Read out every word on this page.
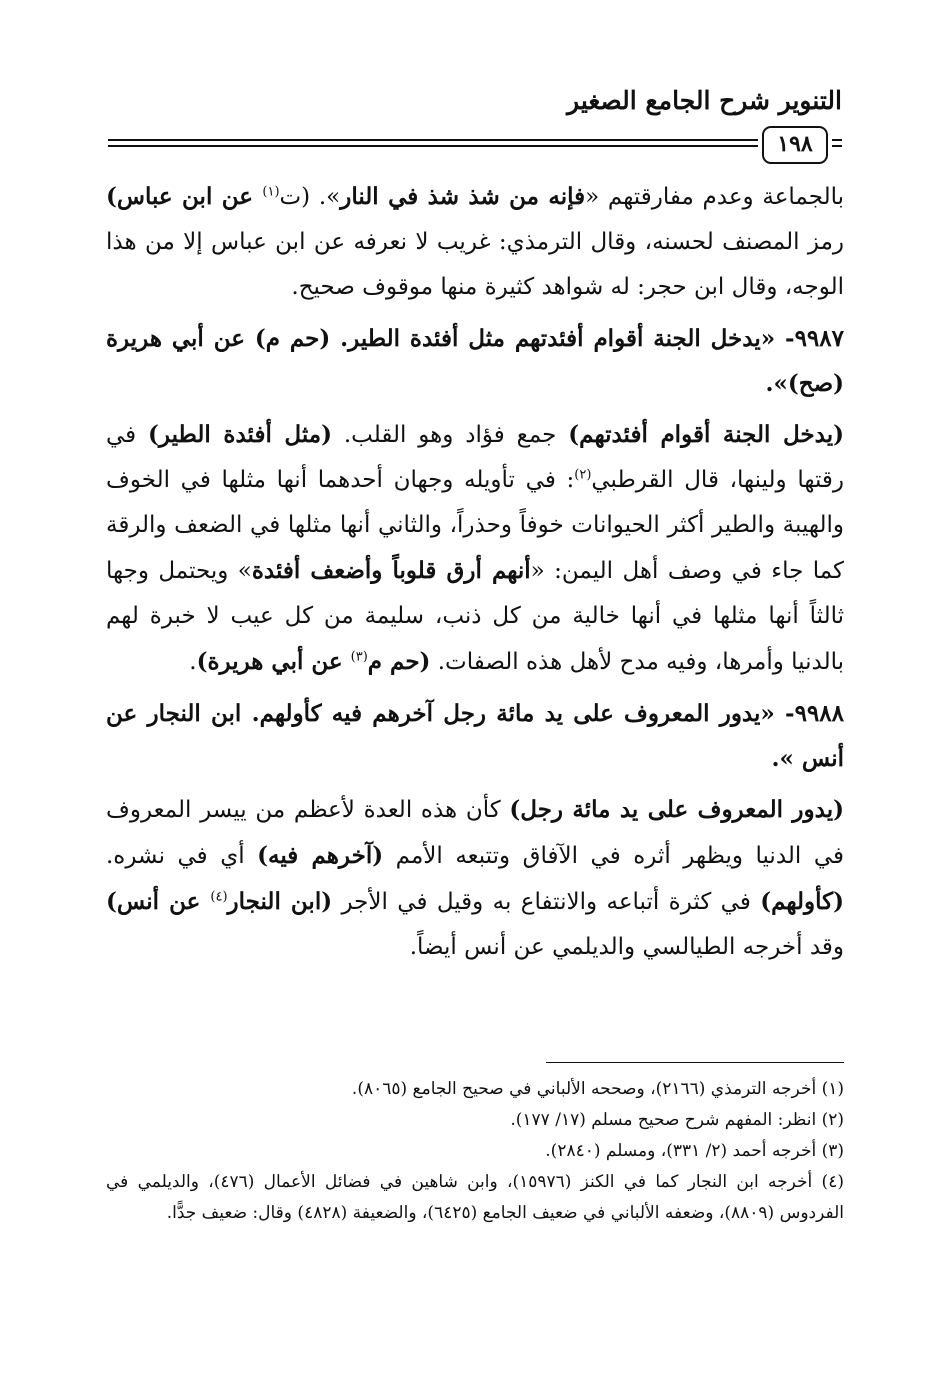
التنوير شرح الجامع الصغير
١٩٨

بالجماعة وعدم مفارقتهم «فإنه من شذ شذ في النار». (ت$^{(١)}$ عن ابن عباس) رمز المصنف لحسنه، وقال الترمذي: غريب لا نعرفه عن ابن عباس إلا من هذا الوجه، وقال ابن حجر: له شواهد كثيرة منها موقوف صحيح.

٩٩٨٧- «يدخل الجنة أقوام أفئدتهم مثل أفئدة الطير. (حم م) عن أبي هريرة (صح)».

(يدخل الجنة أقوام أفئدتهم) جمع فؤاد وهو القلب. (مثل أفئدة الطير) في رقتها ولينها، قال القرطبي$^{(٢)}$: في تأويله وجهان أحدهما أنها مثلها في الخوف والهيبة والطير أكثر الحيوانات خوفاً وحذراً، والثاني أنها مثلها في الضعف والرقة كما جاء في وصف أهل اليمن: «أنهم أرق قلوباً وأضعف أفئدة» ويحتمل وجها ثالثاً أنها مثلها في أنها خالية من كل ذنب، سليمة من كل عيب لا خبرة لهم بالدنيا وأمرها، وفيه مدح لأهل هذه الصفات. (حم م$^{(٣)}$ عن أبي هريرة).

٩٩٨٨- «يدور المعروف على يد مائة رجل آخرهم فيه كأولهم. ابن النجار عن أنس ».

(يدور المعروف على يد مائة رجل) كأن هذه العدة لأعظم من ييسر المعروف في الدنيا ويظهر أثره في الآفاق وتتبعه الأمم (آخرهم فيه) أي في نشره. (كأولهم) في كثرة أتباعه والانتفاع به وقيل في الأجر (ابن النجار$^{(٤)}$ عن أنس) وقد أخرجه الطيالسي والديلمي عن أنس أيضاً.

(١) أخرجه الترمذي (٢١٦٦)، وصححه الألباني في صحيح الجامع (٨٠٦٥).

(٢) انظر: المفهم شرح صحيح مسلم (١٧/ ١٧٧).

(٣) أخرجه أحمد (٢/ ٣٣١)، ومسلم (٢٨٤٠).

(٤) أخرجه ابن النجار كما في الكنز (١٥٩٧٦)، وابن شاهين في فضائل الأعمال (٤٧٦)، والديلمي في الفردوس (٨٨٠٩)، وضعفه الألباني في ضعيف الجامع (٦٤٢٥)، والضعيفة (٤٨٢٨) وقال: ضعيف جدًّا.
